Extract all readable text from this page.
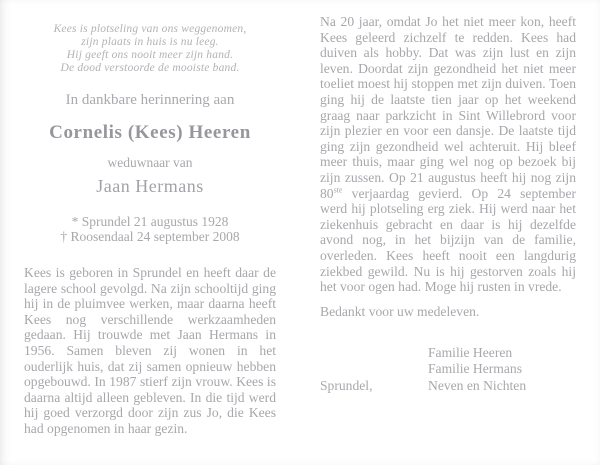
Kees is plotseling van ons weggenomen,
zijn plaats in huis is nu leeg.
Hij geeft ons nooit meer zijn hand.
De dood verstoorde de mooiste band.
In dankbare herinnering aan
Cornelis (Kees) Heeren
weduwnaar van
Jaan Hermans
* Sprundel 21 augustus 1928
† Roosendaal 24 september 2008

Kees is geboren in Sprundel en heeft daar de lagere school gevolgd. Na zijn schooltijd ging hij in de pluimvee werken, maar daarna heeft Kees nog verschillende werkzaamheden gedaan. Hij trouwde met Jaan Hermans in 1956. Samen bleven zij wonen in het ouderlijk huis, dat zij samen opnieuw hebben opgebouwd. In 1987 stierf zijn vrouw. Kees is daarna altijd alleen gebleven. In die tijd werd hij goed verzorgd door zijn zus Jo, die Kees had opgenomen in haar gezin.

Na 20 jaar, omdat Jo het niet meer kon, heeft Kees geleerd zichzelf te redden. Kees had duiven als hobby. Dat was zijn lust en zijn leven. Doordat zijn gezondheid het niet meer toeliet moest hij stoppen met zijn duiven. Toen ging hij de laatste tien jaar op het weekend graag naar parkzicht in Sint Willebrord voor zijn plezier en voor een dansje. De laatste tijd ging zijn gezondheid wel achteruit. Hij bleef meer thuis, maar ging wel nog op bezoek bij zijn zussen. Op 21 augustus heeft hij nog zijn 80ste verjaardag gevierd. Op 24 september werd hij plotseling erg ziek. Hij werd naar het ziekenhuis gebracht en daar is hij dezelfde avond nog, in het bijzijn van de familie, overleden. Kees heeft nooit een langdurig ziekbed gewild. Nu is hij gestorven zoals hij het voor ogen had. Moge hij rusten in vrede.

Bedankt voor uw medeleven.

Familie Heeren
Familie Hermans
Sprundel,	Neven en Nichten
